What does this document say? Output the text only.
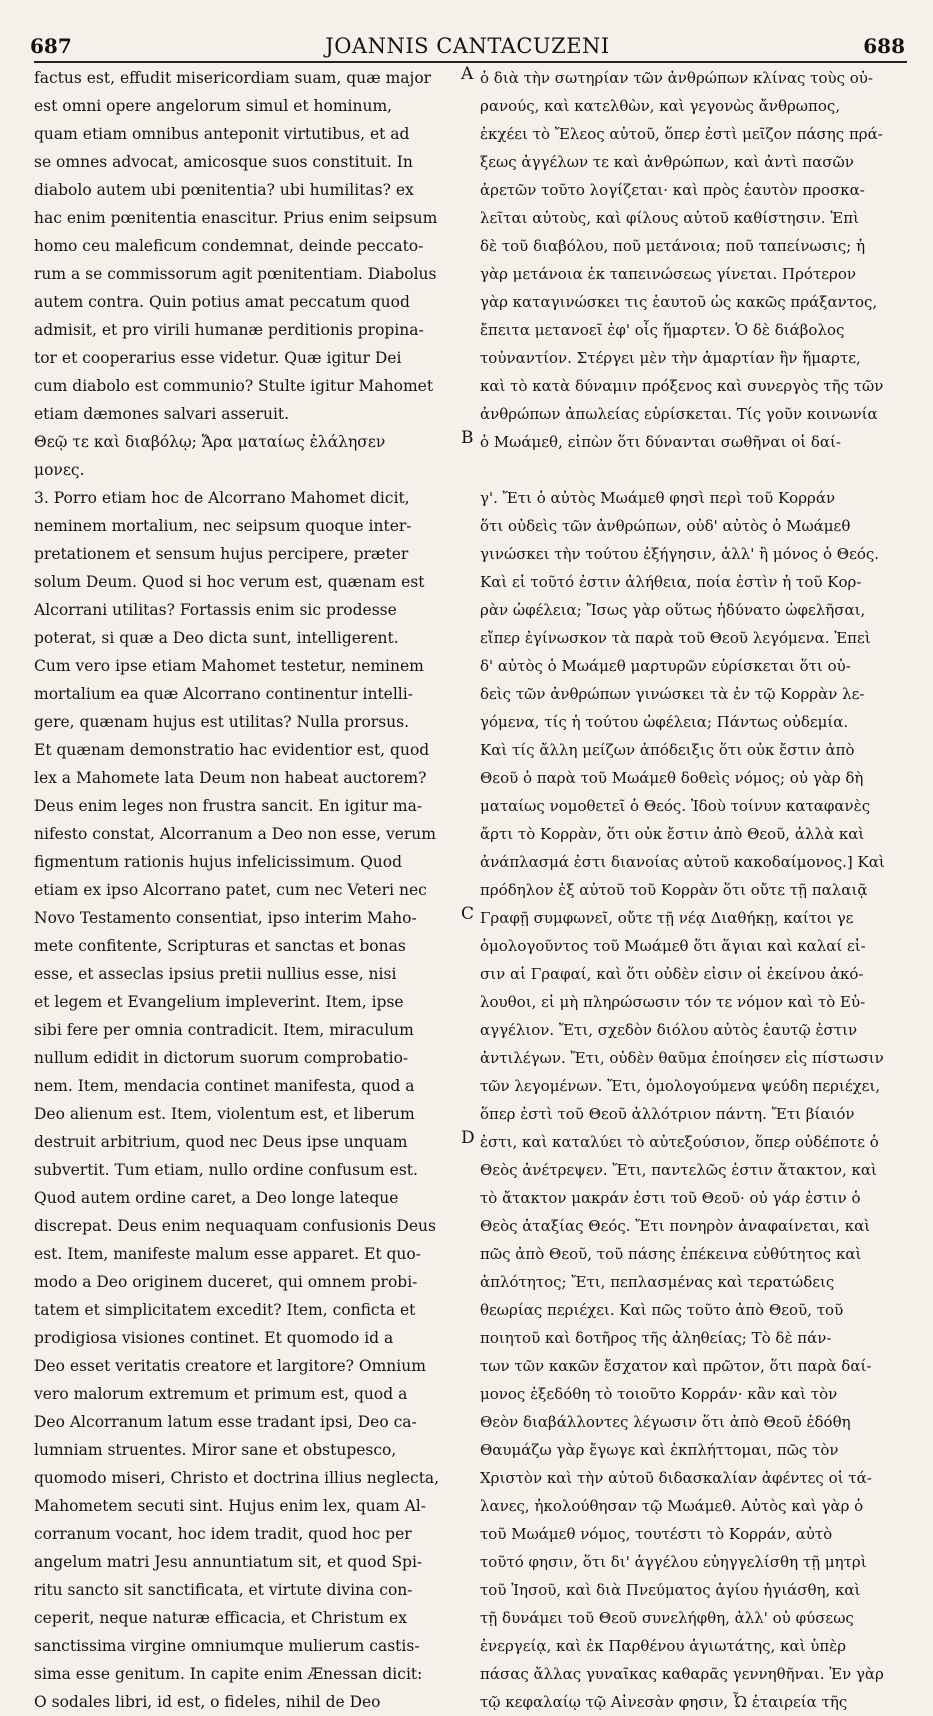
687	JOANNIS CANTACUZENI	688
factus est, effudit misericordiam suam, quæ major
est omni opere angelorum simul et hominum,
quam etiam omnibus anteponit virtutibus, et ad
se omnes advocat, amicosque suos constituit. In
diabolo autem ubi pœnitentia? ubi humilitas? ex
hac enim pœnitentia enascitur. Prius enim seipsum
homo ceu maleficum condemnat, deinde peccato-
rum a se commissorum agit pœnitentiam. Diabolus
autem contra. Quin potius amat peccatum quod
admisit, et pro virili humanæ perditionis propina-
tor et cooperarius esse videtur. Quæ igitur Dei
cum diabolo est communio? Stulte igitur Mahomet
etiam dæmones salvari asseruit.
Θεῷ τε καὶ διαβόλῳ; Ἄρα ματαίως ἐλάλησεν
μονες.
3. Porro etiam hoc de Alcorrano Mahomet dicit,
neminem mortalium, nec seipsum quoque inter-
pretationem et sensum hujus percipere, præter
solum Deum. Quod si hoc verum est, quænam est
Alcorrani utilitas? Fortassis enim sic prodesse
poterat, si quæ a Deo dicta sunt, intelligerent.
Cum vero ipse etiam Mahomet testetur, neminem
mortalium ea quæ Alcorrano continentur intelli-
gere, quænam hujus est utilitas? Nulla prorsus.
Et quænam demonstratio hac evidentior est, quod
lex a Mahomete lata Deum non habeat auctorem?
Deus enim leges non frustra sancit. En igitur ma-
nifesto constat, Alcorranum a Deo non esse, verum
figmentum rationis hujus infelicissimum. Quod
etiam ex ipso Alcorrano patet, cum nec Veteri nec
Novo Testamento consentiat, ipso interim Maho-
mete confitente, Scripturas et sanctas et bonas
esse, et asseclas ipsius pretii nullius esse, nisi
et legem et Evangelium impleverint. Item, ipse
sibi fere per omnia contradicit. Item, miraculum
nullum edidit in dictorum suorum comprobatio-
nem. Item, mendacia continet manifesta, quod a
Deo alienum est. Item, violentum est, et liberum
destruit arbitrium, quod nec Deus ipse unquam
subvertit. Tum etiam, nullo ordine confusum est.
Quod autem ordine caret, a Deo longe lateque
discrepat. Deus enim nequaquam confusionis Deus
est. Item, manifeste malum esse apparet. Et quo-
modo a Deo originem duceret, qui omnem probi-
tatem et simplicitatem excedit? Item, conficta et
prodigiosa visiones continet. Et quomodo id a
Deo esset veritatis creatore et largitore? Omnium
vero malorum extremum et primum est, quod a
Deo Alcorranum latum esse tradant ipsi, Deo ca-
lumniam struentes. Miror sane et obstupesco,
quomodo miseri, Christo et doctrina illius neglecta,
Mahometem secuti sint. Hujus enim lex, quam Al-
corranum vocant, hoc idem tradit, quod hoc per
angelum matri Jesu annuntiatum sit, et quod Spi-
ritu sancto sit sanctificata, et virtute divina con-
ceperit, neque naturæ efficacia, et Christum ex
sanctissima virgine omniumque mulierum castis-
sima esse genitum. In capite enim Ænessan dicit:
O sodales libri, id est, o fideles, nihil de Deo
ὁ διὰ τὴν σωτηρίαν τῶν ἀνθρώπων κλίνας τοὺς οὐ-
ρανούς, καὶ κατελθὼν, καὶ γεγονὼς ἄνθρωπος,
ἐκχέει τὸ Ἔλεος αὐτοῦ, ὅπερ ἐστὶ μεῖζον πάσης πρά-
ξεως ἀγγέλων τε καὶ ἀνθρώπων, καὶ ἀντὶ πασῶν
ἀρετῶν τοῦτο λογίζεται· καὶ πρὸς ἑαυτὸν προσκα-
λεῖται αὐτοὺς, καὶ φίλους αὐτοῦ καθίστησιν. Ἐπὶ
δὲ τοῦ διαβόλου, ποῦ μετάνοια; ποῦ ταπείνωσις; ἡ
γὰρ μετάνοια ἐκ ταπεινώσεως γίνεται. Πρότερον
γὰρ καταγινώσκει τις ἑαυτοῦ ὡς κακῶς πράξαντος,
ἔπειτα μετανοεῖ ἐφ' οἷς ἥμαρτεν. Ὁ δὲ διάβολος
τοὐναντίον. Στέργει μὲν τὴν ἁμαρτίαν ἣν ἥμαρτε,
καὶ τὸ κατὰ δύναμιν πρόξενος καὶ συνεργὸς τῆς τῶν
ἀνθρώπων ἀπωλείας εὑρίσκεται. Τίς γοῦν κοινωνία
ὁ Μωάμεθ, εἰπὼν ὅτι δύνανται σωθῆναι οἱ δαί-
γ'. Ἔτι ὁ αὐτὸς Μωάμεθ φησὶ περὶ τοῦ Κορράν
ὅτι οὐδεὶς τῶν ἀνθρώπων, οὐδ' αὐτὸς ὁ Μωάμεθ
γινώσκει τὴν τούτου ἐξήγησιν, ἀλλ' ἢ μόνος ὁ Θεός.
Καὶ εἰ τοῦτό ἐστιν ἀλήθεια, ποία ἐστὶν ἡ τοῦ Κορ-
ρὰν ὠφέλεια; Ἴσως γὰρ οὕτως ἠδύνατο ὠφελῆσαι,
εἴπερ ἐγίνωσκον τὰ παρὰ τοῦ Θεοῦ λεγόμενα. Ἐπεὶ
δ' αὐτὸς ὁ Μωάμεθ μαρτυρῶν εὑρίσκεται ὅτι οὐ-
δεὶς τῶν ἀνθρώπων γινώσκει τὰ ἐν τῷ Κορρὰν λε-
γόμενα, τίς ἡ τούτου ὠφέλεια; Πάντως οὐδεμία.
Καὶ τίς ἄλλη μείζων ἀπόδειξις ὅτι οὐκ ἔστιν ἀπὸ
Θεοῦ ὁ παρὰ τοῦ Μωάμεθ δοθεὶς νόμος; οὐ γὰρ δὴ
ματαίως νομοθετεῖ ὁ Θεός. Ἰδοὺ τοίνυν καταφανὲς
ἄρτι τὸ Κορρὰν, ὅτι οὐκ ἔστιν ἀπὸ Θεοῦ, ἀλλὰ καὶ
ἀνάπλασμά ἐστι διανοίας αὐτοῦ κακοδαίμονος.] Καὶ
πρόδηλον ἐξ αὐτοῦ τοῦ Κορρὰν ὅτι οὔτε τῇ παλαιᾷ
Γραφῇ συμφωνεῖ, οὔτε τῇ νέᾳ Διαθήκῃ, καίτοι γε
ὁμολογοῦντος τοῦ Μωάμεθ ὅτι ἅγιαι καὶ καλαί εἰ-
σιν αἱ Γραφαί, καὶ ὅτι οὐδὲν εἰσιν οἱ ἐκείνου ἀκό-
λουθοι, εἰ μὴ πληρώσωσιν τόν τε νόμον καὶ τὸ Εὐ-
αγγέλιον. Ἔτι, σχεδὸν διόλου αὐτὸς ἑαυτῷ ἐστιν
ἀντιλέγων. Ἔτι, οὐδὲν θαῦμα ἐποίησεν εἰς πίστωσιν
τῶν λεγομένων. Ἔτι, ὁμολογούμενα ψεύδη περιέχει,
ὅπερ ἐστὶ τοῦ Θεοῦ ἀλλότριον πάντη. Ἔτι βίαιόν
ἐστι, καὶ καταλύει τὸ αὐτεξούσιον, ὅπερ οὐδέποτε ὁ
Θεὸς ἀνέτρεψεν. Ἔτι, παντελῶς ἐστιν ἄτακτον, καὶ
τὸ ἄτακτον μακράν ἐστι τοῦ Θεοῦ· οὐ γάρ ἐστιν ὁ
Θεὸς ἀταξίας Θεός. Ἔτι πονηρὸν ἀναφαίνεται, καὶ
πῶς ἀπὸ Θεοῦ, τοῦ πάσης ἐπέκεινα εὐθύτητος καὶ
ἁπλότητος; Ἔτι, πεπλασμένας καὶ τερατώδεις
θεωρίας περιέχει. Καὶ πῶς τοῦτο ἀπὸ Θεοῦ, τοῦ
ποιητοῦ καὶ δοτῆρος τῆς ἀληθείας; Τὸ δὲ πάν-
των τῶν κακῶν ἔσχατον καὶ πρῶτον, ὅτι παρὰ δαί-
μονος ἐξεδόθη τὸ τοιοῦτο Κορράν· κἂν καὶ τὸν
Θεὸν διαβάλλοντες λέγωσιν ὅτι ἀπὸ Θεοῦ ἐδόθη
Θαυμάζω γὰρ ἔγωγε καὶ ἐκπλήττομαι, πῶς τὸν
Χριστὸν καὶ τὴν αὐτοῦ διδασκαλίαν ἀφέντες οἱ τά-
λανες, ἠκολούθησαν τῷ Μωάμεθ. Αὐτὸς καὶ γὰρ ὁ
τοῦ Μωάμεθ νόμος, τουτέστι τὸ Κορράν, αὐτὸ
τοῦτό φησιν, ὅτι δι' ἀγγέλου εὐηγγελίσθη τῇ μητρὶ
τοῦ Ἰησοῦ, καὶ διὰ Πνεύματος ἁγίου ἡγιάσθη, καὶ
τῇ δυνάμει τοῦ Θεοῦ συνελήφθη, ἀλλ' οὐ φύσεως
ἐνεργείᾳ, καὶ ἐκ Παρθένου ἁγιωτάτης, καὶ ὑπὲρ
πάσας ἄλλας γυναῖκας καθαρᾶς γεννηθῆναι. Ἐν γὰρ
τῷ κεφαλαίῳ τῷ Αἰνεσὰν φησιν, Ὦ ἑταιρεία τῆς
A
B
C
D
